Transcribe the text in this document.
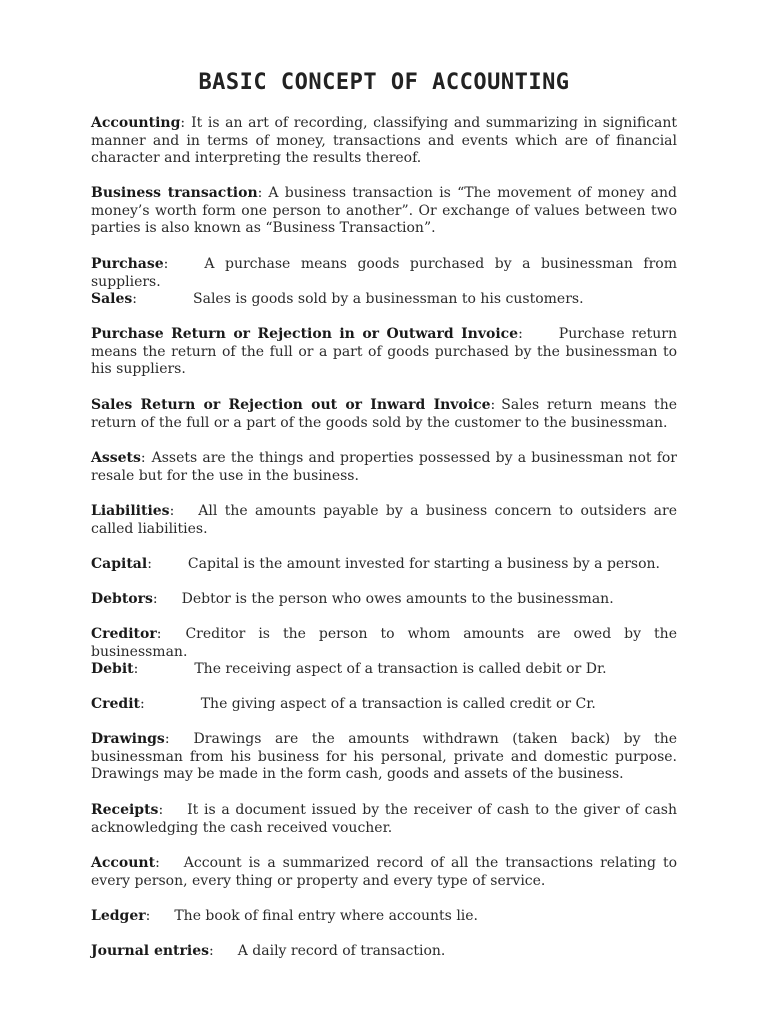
BASIC CONCEPT OF ACCOUNTING
Accounting: It is an art of recording, classifying and summarizing in significant manner and in terms of money, transactions and events which are of financial character and interpreting the results thereof.
Business transaction: A business transaction is “The movement of money and money’s worth form one person to another”. Or exchange of values between two parties is also known as “Business Transaction”.
Purchase:	A purchase means goods purchased by a businessman from suppliers.
Sales:	Sales is goods sold by a businessman to his customers.
Purchase Return or Rejection in or Outward Invoice:	Purchase return means the return of the full or a part of goods purchased by the businessman to his suppliers.
Sales Return or Rejection out or Inward Invoice: Sales return means the return of the full or a part of the goods sold by the customer to the businessman.
Assets: Assets are the things and properties possessed by a businessman not for resale but for the use in the business.
Liabilities: All the amounts payable by a business concern to outsiders are called liabilities.
Capital:	Capital is the amount invested for starting a business by a person.
Debtors: Debtor is the person who owes amounts to the businessman.
Creditor: Creditor is the person to whom amounts are owed by the businessman.
Debit:	The receiving aspect of a transaction is called debit or Dr.
Credit:	The giving aspect of a transaction is called credit or Cr.
Drawings: Drawings are the amounts withdrawn (taken back) by the businessman from his business for his personal, private and domestic purpose. Drawings may be made in the form cash, goods and assets of the business.
Receipts: It is a document issued by the receiver of cash to the giver of cash acknowledging the cash received voucher.
Account: Account is a summarized record of all the transactions relating to every person, every thing or property and every type of service.
Ledger: The book of final entry where accounts lie.
Journal entries: A daily record of transaction.
